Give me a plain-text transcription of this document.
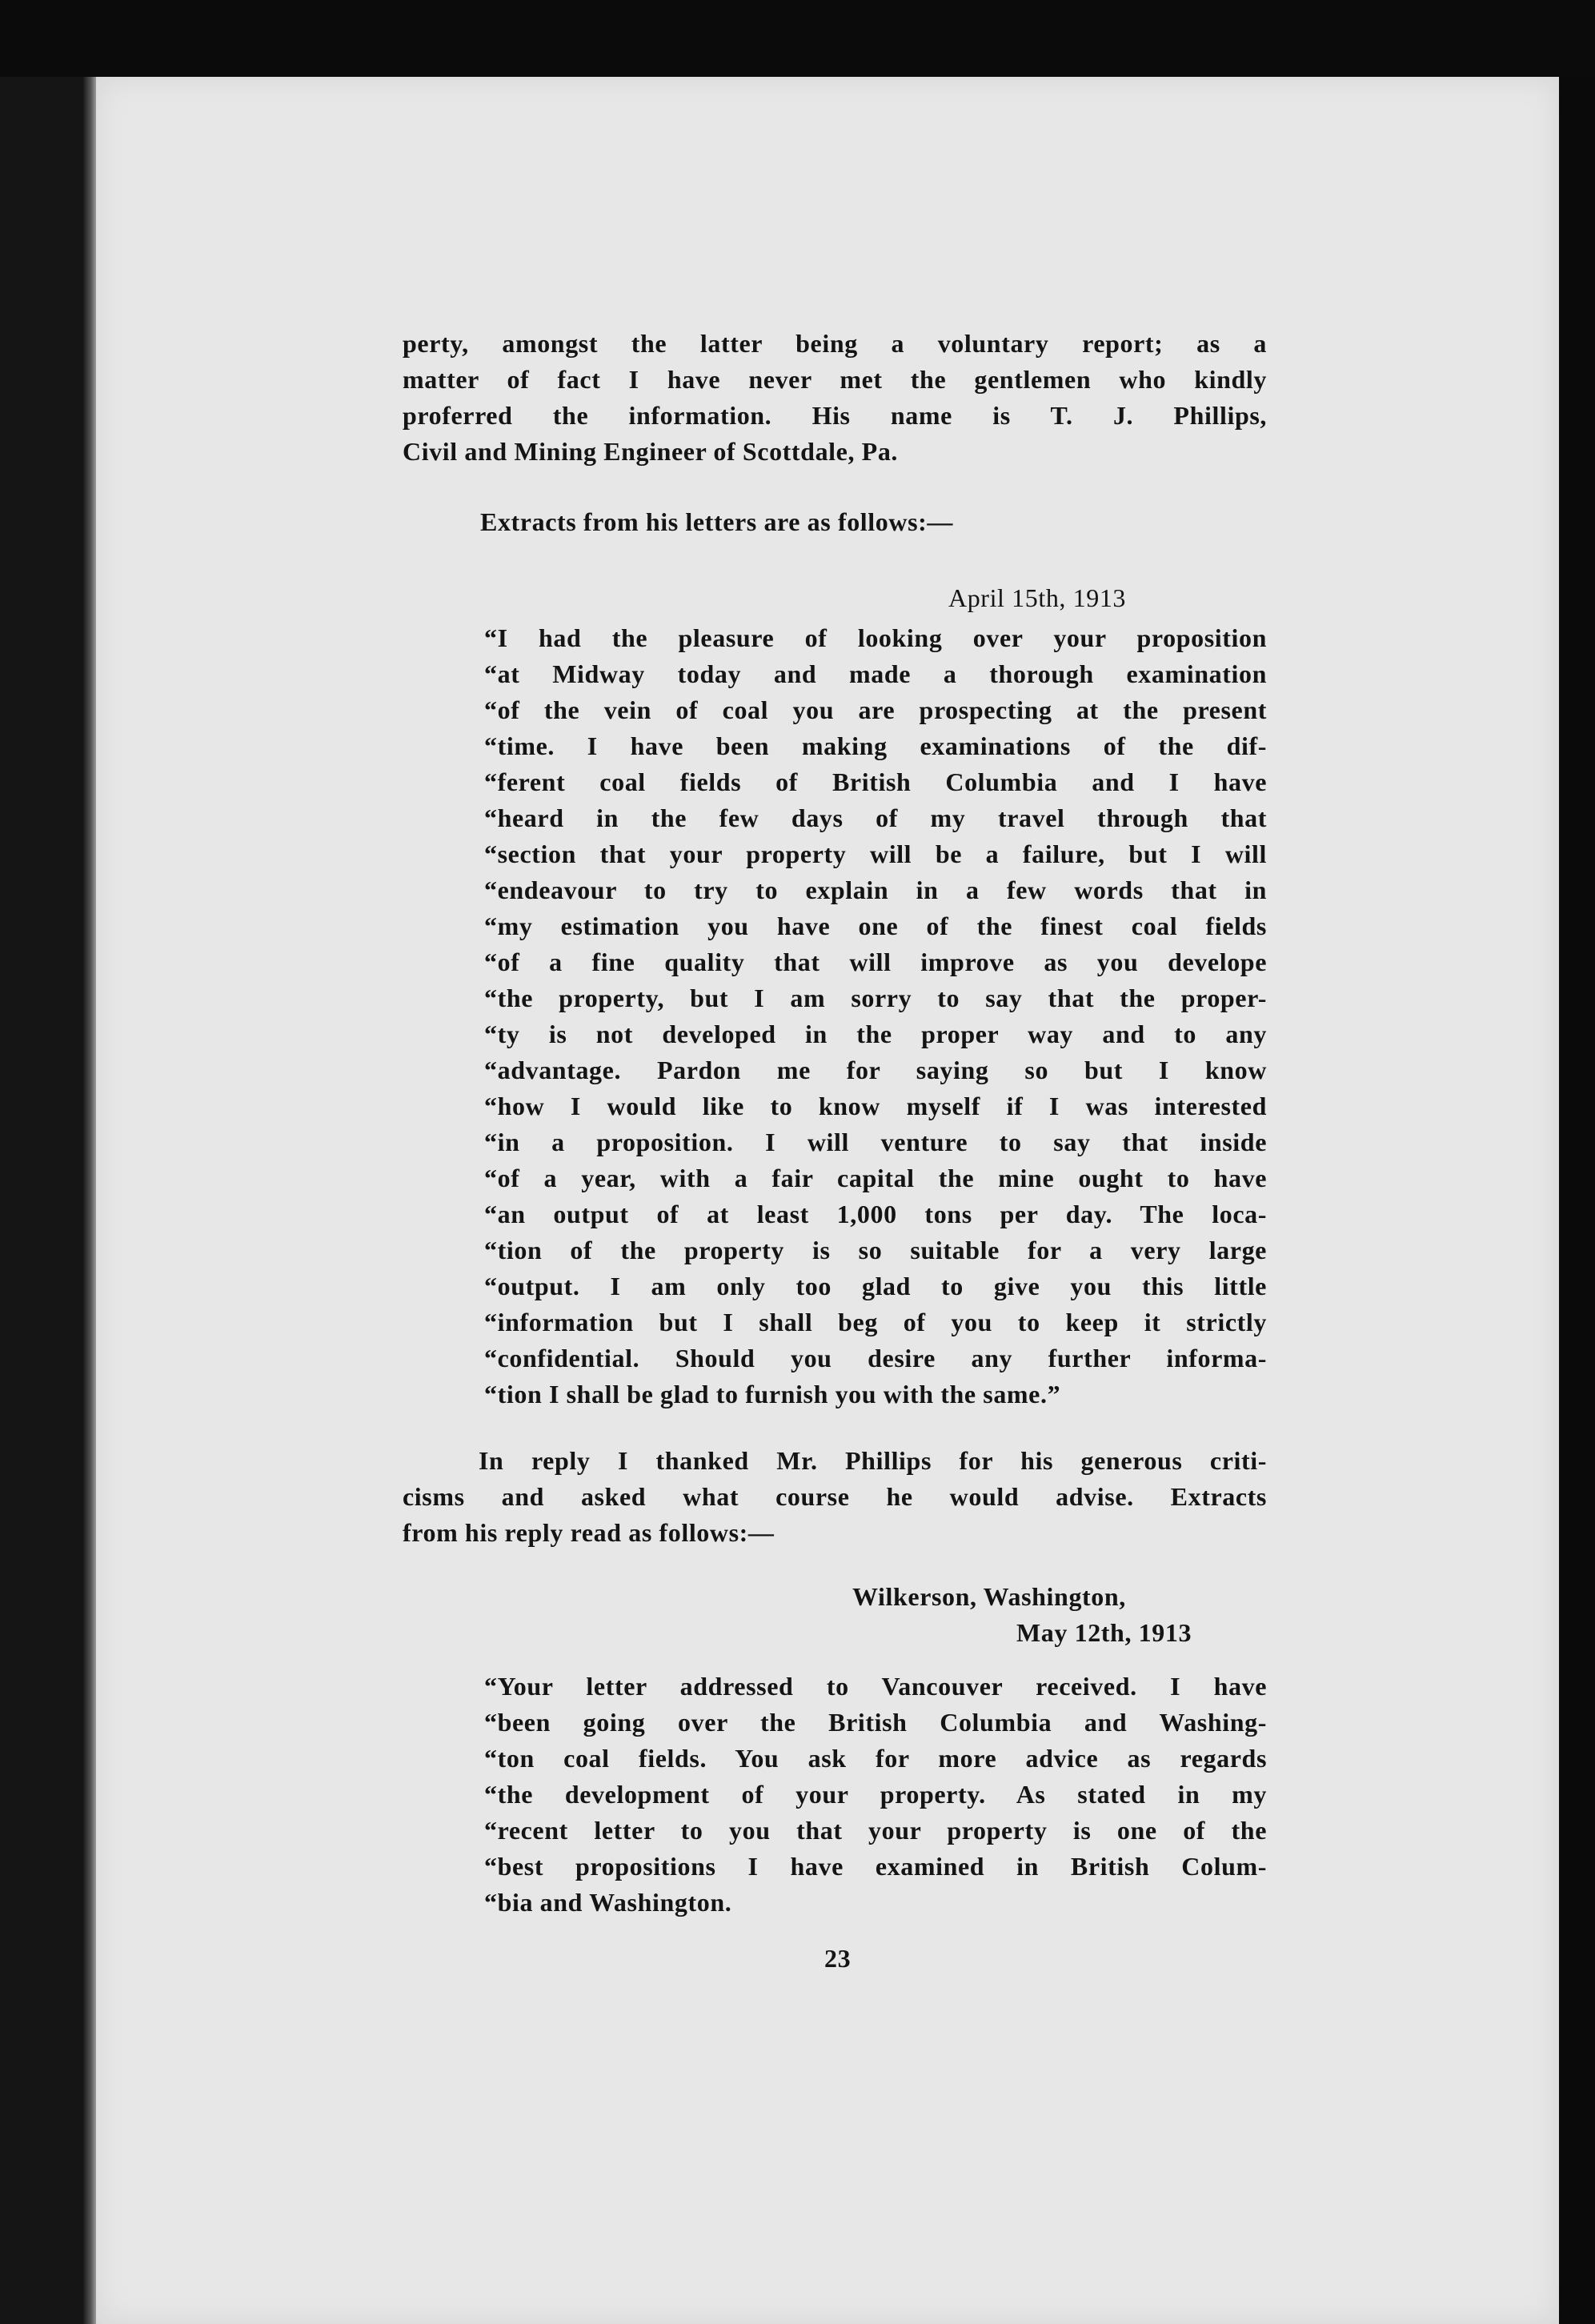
perty, amongst the latter being a voluntary report; as a
matter of fact I have never met the gentlemen who kindly
proferred the information. His name is T. J. Phillips,
Civil and Mining Engineer of Scottdale, Pa.
Extracts from his letters are as follows:—
April 15th, 1913
“I had the pleasure of looking over your proposition
“at Midway today and made a thorough examination
“of the vein of coal you are prospecting at the present
“time. I have been making examinations of the dif-
“ferent coal fields of British Columbia and I have
“heard in the few days of my travel through that
“section that your property will be a failure, but I will
“endeavour to try to explain in a few words that in
“my estimation you have one of the finest coal fields
“of a fine quality that will improve as you develope
“the property, but I am sorry to say that the proper-
“ty is not developed in the proper way and to any
“advantage. Pardon me for saying so but I know
“how I would like to know myself if I was interested
“in a proposition. I will venture to say that inside
“of a year, with a fair capital the mine ought to have
“an output of at least 1,000 tons per day. The loca-
“tion of the property is so suitable for a very large
“output. I am only too glad to give you this little
“information but I shall beg of you to keep it strictly
“confidential. Should you desire any further informa-
“tion I shall be glad to furnish you with the same.”
In reply I thanked Mr. Phillips for his generous criti-
cisms and asked what course he would advise. Extracts
from his reply read as follows:—
Wilkerson, Washington,
May 12th, 1913
“Your letter addressed to Vancouver received. I have
“been going over the British Columbia and Washing-
“ton coal fields. You ask for more advice as regards
“the development of your property. As stated in my
“recent letter to you that your property is one of the
“best propositions I have examined in British Colum-
“bia and Washington.
23
